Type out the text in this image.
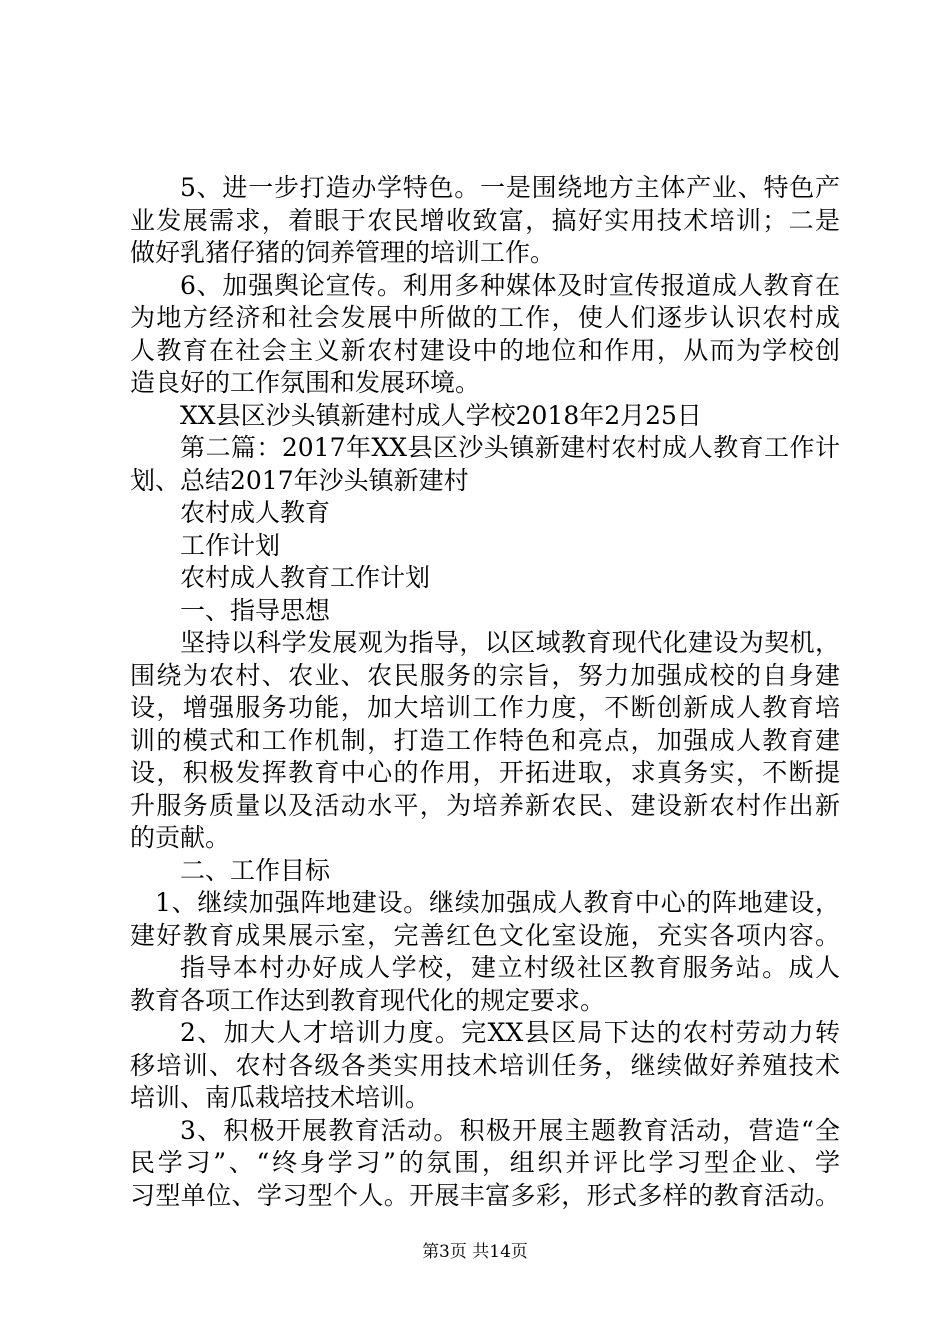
5、进一步打造办学特色。一是围绕地方主体产业、特色产

业发展需求，着眼于农民增收致富，搞好实用技术培训；二是

做好乳猪仔猪的饲养管理的培训工作。

6、加强舆论宣传。利用多种媒体及时宣传报道成人教育在

为地方经济和社会发展中所做的工作，使人们逐步认识农村成

人教育在社会主义新农村建设中的地位和作用，从而为学校创

造良好的工作氛围和发展环境。

XX县区沙头镇新建村成人学校2018年2月25日

第二篇：2017年XX县区沙头镇新建村农村成人教育工作计

划、总结2017年沙头镇新建村

农村成人教育

工作计划

农村成人教育工作计划

一、指导思想

坚持以科学发展观为指导，以区域教育现代化建设为契机，

围绕为农村、农业、农民服务的宗旨，努力加强成校的自身建

设，增强服务功能，加大培训工作力度，不断创新成人教育培

训的模式和工作机制，打造工作特色和亮点，加强成人教育建

设，积极发挥教育中心的作用，开拓进取，求真务实，不断提

升服务质量以及活动水平，为培养新农民、建设新农村作出新

的贡献。

二、工作目标

1、继续加强阵地建设。继续加强成人教育中心的阵地建设，

建好教育成果展示室，完善红色文化室设施，充实各项内容。

指导本村办好成人学校，建立村级社区教育服务站。成人

教育各项工作达到教育现代化的规定要求。

2、加大人才培训力度。完XX县区局下达的农村劳动力转

移培训、农村各级各类实用技术培训任务，继续做好养殖技术

培训、南瓜栽培技术培训。

3、积极开展教育活动。积极开展主题教育活动，营造“全

民学习”、“终身学习”的氛围，组织并评比学习型企业、学

习型单位、学习型个人。开展丰富多彩，形式多样的教育活动。

第3页 共14页
